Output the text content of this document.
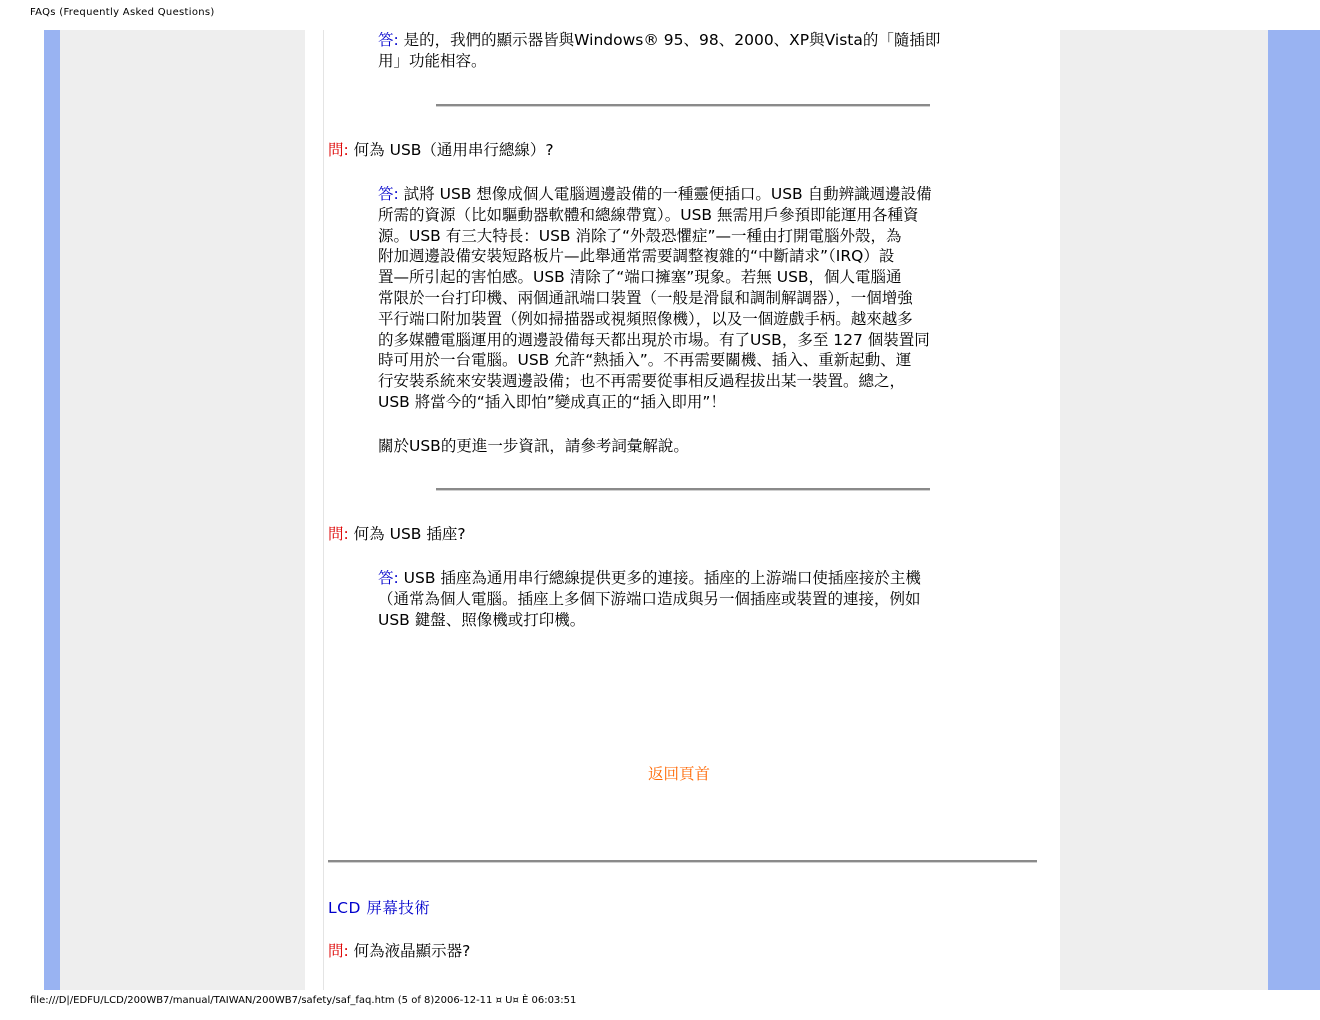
FAQs (Frequently Asked Questions)
答: 是的，我們的顯示器皆與Windows® 95、98、2000、XP與Vista的「隨插即
用」功能相容。
問: 何為 USB（通用串行總線）?
答: 試將 USB 想像成個人電腦週邊設備的一種靈便插口。USB 自動辨識週邊設備
所需的資源（比如驅動器軟體和總線帶寬）。USB 無需用戶參預即能運用各種資
源。USB 有三大特長：USB 消除了“外殼恐懼症”—一種由打開電腦外殼，為
附加週邊設備安裝短路板片—此舉通常需要調整複雜的“中斷請求”（IRQ）設
置—所引起的害怕感。USB 清除了“端口擁塞”現象。若無 USB，個人電腦通
常限於一台打印機、兩個通訊端口裝置（一般是滑鼠和調制解調器），一個增強
平行端口附加裝置（例如掃描器或視頻照像機），以及一個遊戲手柄。越來越多
的多媒體電腦運用的週邊設備每天都出現於市場。有了USB，多至 127 個裝置同
時可用於一台電腦。USB 允許“熱插入”。不再需要關機、插入、重新起動、運
行安裝系統來安裝週邊設備；也不再需要從事相反過程拔出某一裝置。總之，
USB 將當今的“插入即怕”變成真正的“插入即用”！
關於USB的更進一步資訊，請參考詞彙解說。
問: 何為 USB 插座?
答: USB 插座為通用串行總線提供更多的連接。插座的上游端口使插座接於主機
（通常為個人電腦。插座上多個下游端口造成與另一個插座或裝置的連接，例如
USB 鍵盤、照像機或打印機。
返回頁首
LCD 屏幕技術
問: 何為液晶顯示器?
file:///D|/EDFU/LCD/200WB7/manual/TAIWAN/200WB7/safety/saf_faq.htm (5 of 8)2006-12-11 ¤ U¤ È 06:03:51
